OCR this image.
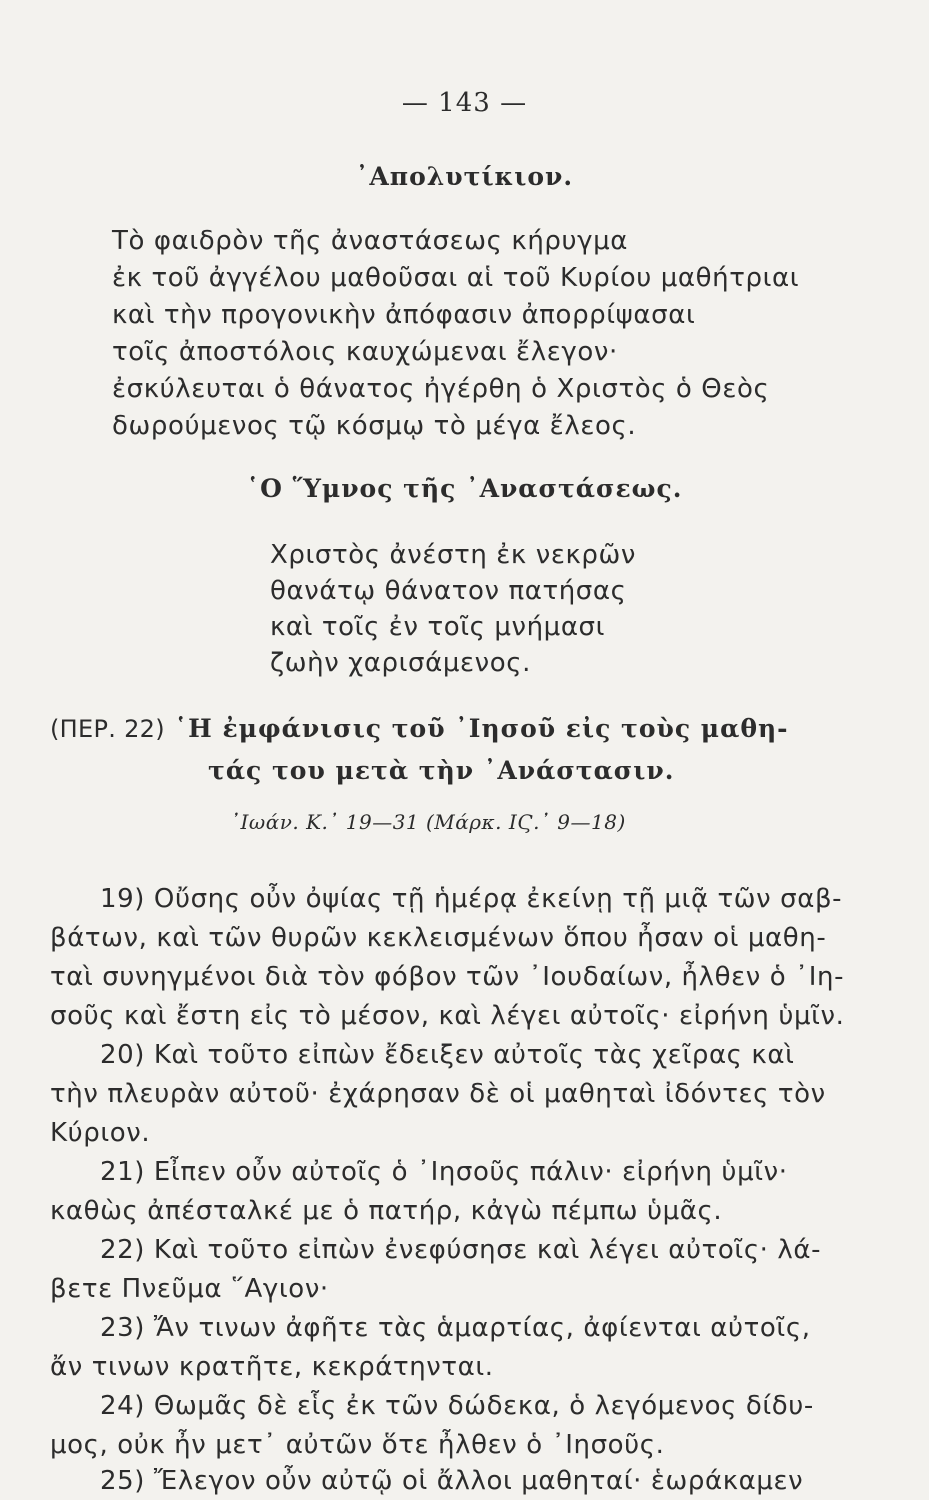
— 143 —
᾽Απολυτίκιον.
Τὸ φαιδρὸν τῆς ἀναστάσεως κήρυγμα
ἐκ τοῦ ἀγγέλου μαθοῦσαι αἱ τοῦ Κυρίου μαθήτριαι
καὶ τὴν προγονικὴν ἀπόφασιν ἀπορρίψασαι
τοῖς ἀποστόλοις καυχώμεναι ἔλεγον·
ἐσκύλευται ὁ θάνατος ἠγέρθη ὁ Χριστὸς ὁ Θεὸς
δωρούμενος τῷ κόσμῳ τὸ μέγα ἔλεος.
῾Ο Ὕμνος τῆς ᾽Αναστάσεως.
Χριστὸς ἀνέστη ἐκ νεκρῶν
θανάτῳ θάνατον πατήσας
καὶ τοῖς ἐν τοῖς μνήμασι
ζωὴν χαρισάμενος.
(ΠΕΡ. 22) ῾Η ἐμφάνισις τοῦ ᾽Ιησοῦ εἰς τοὺς μαθη-
τάς του μετὰ τὴν ᾽Ανάστασιν.
᾽Ιωάν. Κ.᾽ 19—31 (Μάρκ. ΙϚ.᾽ 9—18)
19) Οὔσης οὖν ὀψίας τῇ ἡμέρᾳ ἐκείνῃ τῇ μιᾷ τῶν σαβ-
βάτων, καὶ τῶν θυρῶν κεκλεισμένων ὅπου ἦσαν οἱ μαθη-
ταὶ συνηγμένοι διὰ τὸν φόβον τῶν ᾽Ιουδαίων, ἦλθεν ὁ ᾽Ιη-
σοῦς καὶ ἔστη εἰς τὸ μέσον, καὶ λέγει αὐτοῖς· εἰρήνη ὑμῖν.
20) Καὶ τοῦτο εἰπὼν ἔδειξεν αὐτοῖς τὰς χεῖρας καὶ
τὴν πλευρὰν αὐτοῦ· ἐχάρησαν δὲ οἱ μαθηταὶ ἰδόντες τὸν
Κύριον.
21) Εἶπεν οὖν αὐτοῖς ὁ ᾽Ιησοῦς πάλιν· εἰρήνη ὑμῖν·
καθὼς ἀπέσταλκέ με ὁ πατήρ, κἀγὼ πέμπω ὑμᾶς.
22) Καὶ τοῦτο εἰπὼν ἐνεφύσησε καὶ λέγει αὐτοῖς· λά-
βετε Πνεῦμα ῞Αγιον·
23) Ἄν τινων ἀφῆτε τὰς ἁμαρτίας, ἀφίενται αὐτοῖς,
ἄν τινων κρατῆτε, κεκράτηνται.
24) Θωμᾶς δὲ εἷς ἐκ τῶν δώδεκα, ὁ λεγόμενος δίδυ-
μος, οὐκ ἦν μετ᾽ αὐτῶν ὅτε ἦλθεν ὁ ᾽Ιησοῦς.
25) Ἔλεγον οὖν αὐτῷ οἱ ἄλλοι μαθηταί· ἑωράκαμεν
